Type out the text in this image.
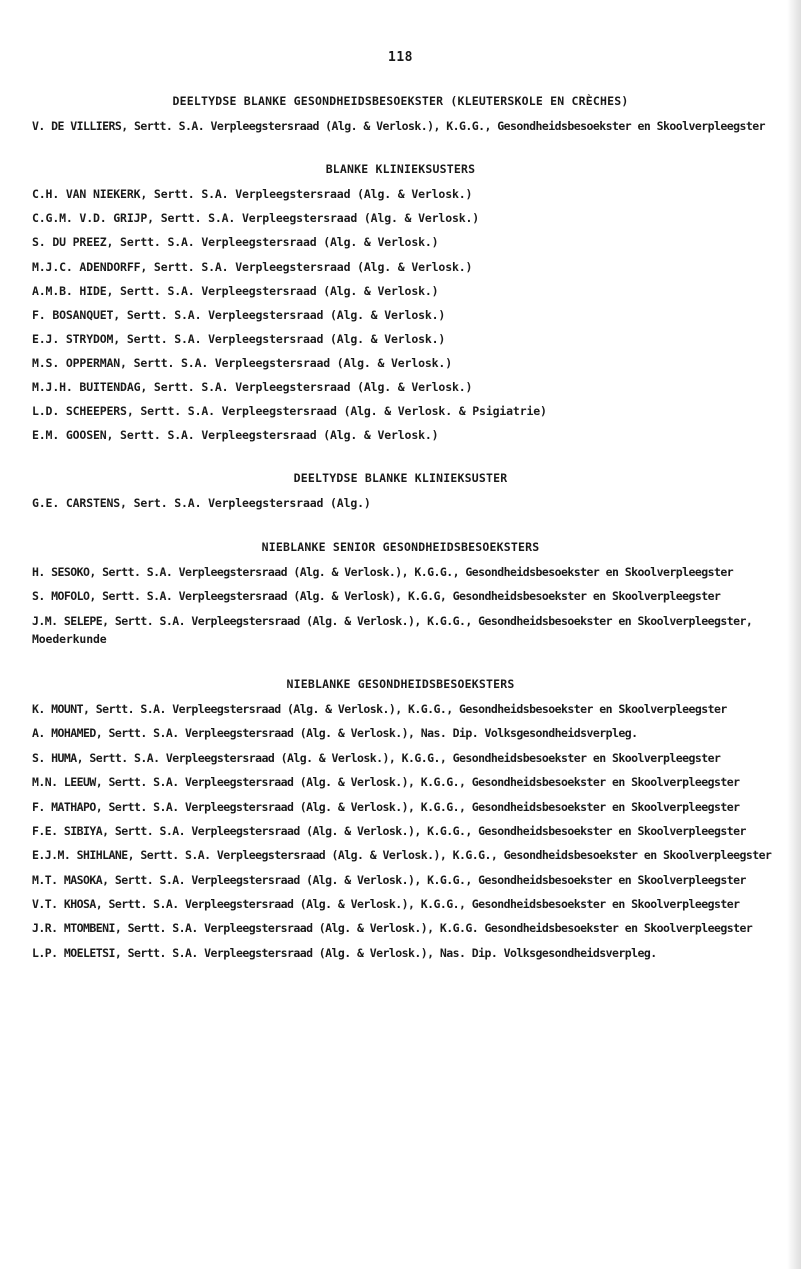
118
DEELTYDSE BLANKE GESONDHEIDSBESOEKSTER (KLEUTERSKOLE EN CRÈCHES)
V. DE VILLIERS, Sertt. S.A. Verpleegstersraad (Alg. & Verlosk.), K.G.G., Gesondheidsbesoekster en Skoolverpleegster
BLANKE KLINIEKSUSTERS
C.H. VAN NIEKERK, Sertt. S.A. Verpleegstersraad (Alg. & Verlosk.)
C.G.M. V.D. GRIJP, Sertt. S.A. Verpleegstersraad (Alg. & Verlosk.)
S. DU PREEZ, Sertt. S.A. Verpleegstersraad (Alg. & Verlosk.)
M.J.C. ADENDORFF, Sertt. S.A. Verpleegstersraad (Alg. & Verlosk.)
A.M.B. HIDE, Sertt. S.A. Verpleegstersraad (Alg. & Verlosk.)
F. BOSANQUET, Sertt. S.A. Verpleegstersraad (Alg. & Verlosk.)
E.J. STRYDOM, Sertt. S.A. Verpleegstersraad (Alg. & Verlosk.)
M.S. OPPERMAN, Sertt. S.A. Verpleegstersraad (Alg. & Verlosk.)
M.J.H. BUITENDAG, Sertt. S.A. Verpleegstersraad (Alg. & Verlosk.)
L.D. SCHEEPERS, Sertt. S.A. Verpleegstersraad (Alg. & Verlosk. & Psigiatrie)
E.M. GOOSEN, Sertt. S.A. Verpleegstersraad (Alg. & Verlosk.)
DEELTYDSE BLANKE KLINIEKSUSTER
G.E. CARSTENS, Sert. S.A. Verpleegstersraad (Alg.)
NIEBLANKE SENIOR GESONDHEIDSBESOEKSTERS
H. SESOKO, Sertt. S.A. Verpleegstersraad (Alg. & Verlosk.), K.G.G., Gesondheidsbesoekster en Skoolverpleegster
S. MOFOLO, Sertt. S.A. Verpleegstersraad (Alg. & Verlosk), K.G.G, Gesondheidsbesoekster en Skoolverpleegster
J.M. SELEPE, Sertt. S.A. Verpleegstersraad (Alg. & Verlosk.), K.G.G., Gesondheidsbesoekster en Skoolverpleegster,
Moederkunde
NIEBLANKE GESONDHEIDSBESOEKSTERS
K. MOUNT, Sertt. S.A. Verpleegstersraad (Alg. & Verlosk.), K.G.G., Gesondheidsbesoekster en Skoolverpleegster
A. MOHAMED, Sertt. S.A. Verpleegstersraad (Alg. & Verlosk.), Nas. Dip. Volksgesondheidsverpleg.
S. HUMA, Sertt. S.A. Verpleegstersraad (Alg. & Verlosk.), K.G.G., Gesondheidsbesoekster en Skoolverpleegster
M.N. LEEUW, Sertt. S.A. Verpleegstersraad (Alg. & Verlosk.), K.G.G., Gesondheidsbesoekster en Skoolverpleegster
F. MATHAPO, Sertt. S.A. Verpleegstersraad (Alg. & Verlosk.), K.G.G., Gesondheidsbesoekster en Skoolverpleegster
F.E. SIBIYA, Sertt. S.A. Verpleegstersraad (Alg. & Verlosk.), K.G.G., Gesondheidsbesoekster en Skoolverpleegster
E.J.M. SHIHLANE, Sertt. S.A. Verpleegstersraad (Alg. & Verlosk.), K.G.G., Gesondheidsbesoekster en Skoolverpleegster
M.T. MASOKA, Sertt. S.A. Verpleegstersraad (Alg. & Verlosk.), K.G.G., Gesondheidsbesoekster en Skoolverpleegster
V.T. KHOSA, Sertt. S.A. Verpleegstersraad (Alg. & Verlosk.), K.G.G., Gesondheidsbesoekster en Skoolverpleegster
J.R. MTOMBENI, Sertt. S.A. Verpleegstersraad (Alg. & Verlosk.), K.G.G. Gesondheidsbesoekster en Skoolverpleegster
L.P. MOELETSI, Sertt. S.A. Verpleegstersraad (Alg. & Verlosk.), Nas. Dip. Volksgesondheidsverpleg.
